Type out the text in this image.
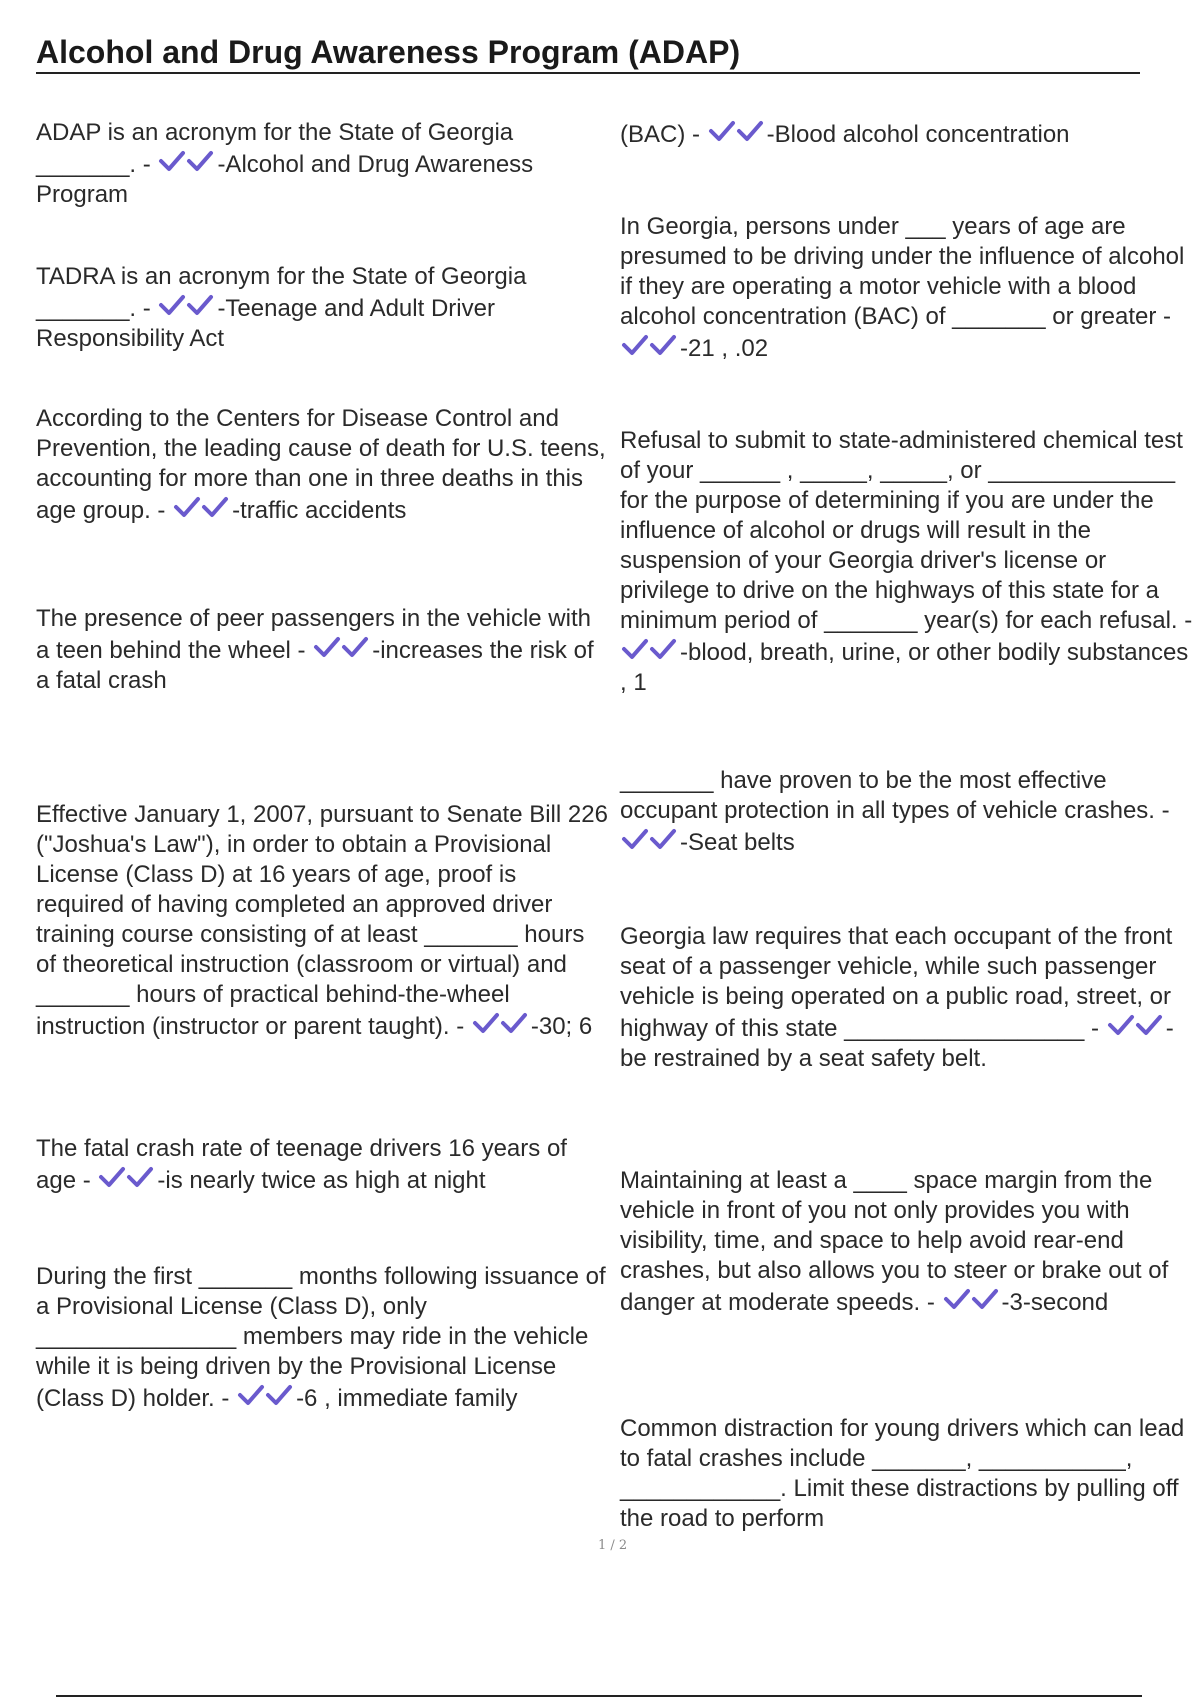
Alcohol and Drug Awareness Program (ADAP)

ADAP is an acronym for the State of Georgia _______. -	-Alcohol and Drug Awareness Program

TADRA is an acronym for the State of Georgia _______. -	-Teenage and Adult Driver Responsibility Act

According to the Centers for Disease Control and Prevention, the leading cause of death for U.S. teens, accounting for more than one in three deaths in this age group. -	-traffic accidents

The presence of peer passengers in the vehicle with a teen behind the wheel -	-increases the risk of a fatal crash

Effective January 1, 2007, pursuant to Senate Bill 226 ("Joshua's Law"), in order to obtain a Provisional License (Class D) at 16 years of age, proof is required of having completed an approved driver training course consisting of at least _______ hours of theoretical instruction (classroom or virtual) and _______ hours of practical behind-the-wheel instruction (instructor or parent taught). -	-30; 6

The fatal crash rate of teenage drivers 16 years of age -	-is nearly twice as high at night

During the first _______ months following issuance of a Provisional License (Class D), only _______________ members may ride in the vehicle while it is being driven by the Provisional License (Class D) holder. -	-6 , immediate family

(BAC) -	-Blood alcohol concentration

In Georgia, persons under ___ years of age are presumed to be driving under the influence of alcohol if they are operating a motor vehicle with a blood alcohol concentration (BAC) of _______ or greater - -21 , .02

Refusal to submit to state-administered chemical test of your ______ , _____, _____, or ______________ for the purpose of determining if you are under the influence of alcohol or drugs will result in the suspension of your Georgia driver's license or privilege to drive on the highways of this state for a minimum period of _______ year(s) for each refusal. - -blood, breath, urine, or other bodily substances , 1

_______ have proven to be the most effective occupant protection in all types of vehicle crashes. - -Seat belts

Georgia law requires that each occupant of the front seat of a passenger vehicle, while such passenger vehicle is being operated on a public road, street, or highway of this state __________________ -	-be restrained by a seat safety belt.

Maintaining at least a ____ space margin from the vehicle in front of you not only provides you with visibility, time, and space to help avoid rear-end crashes, but also allows you to steer or brake out of danger at moderate speeds. -	-3-second

Common distraction for young drivers which can lead to fatal crashes include _______, ___________, ____________. Limit these distractions by pulling off the road to perform

1 / 2
